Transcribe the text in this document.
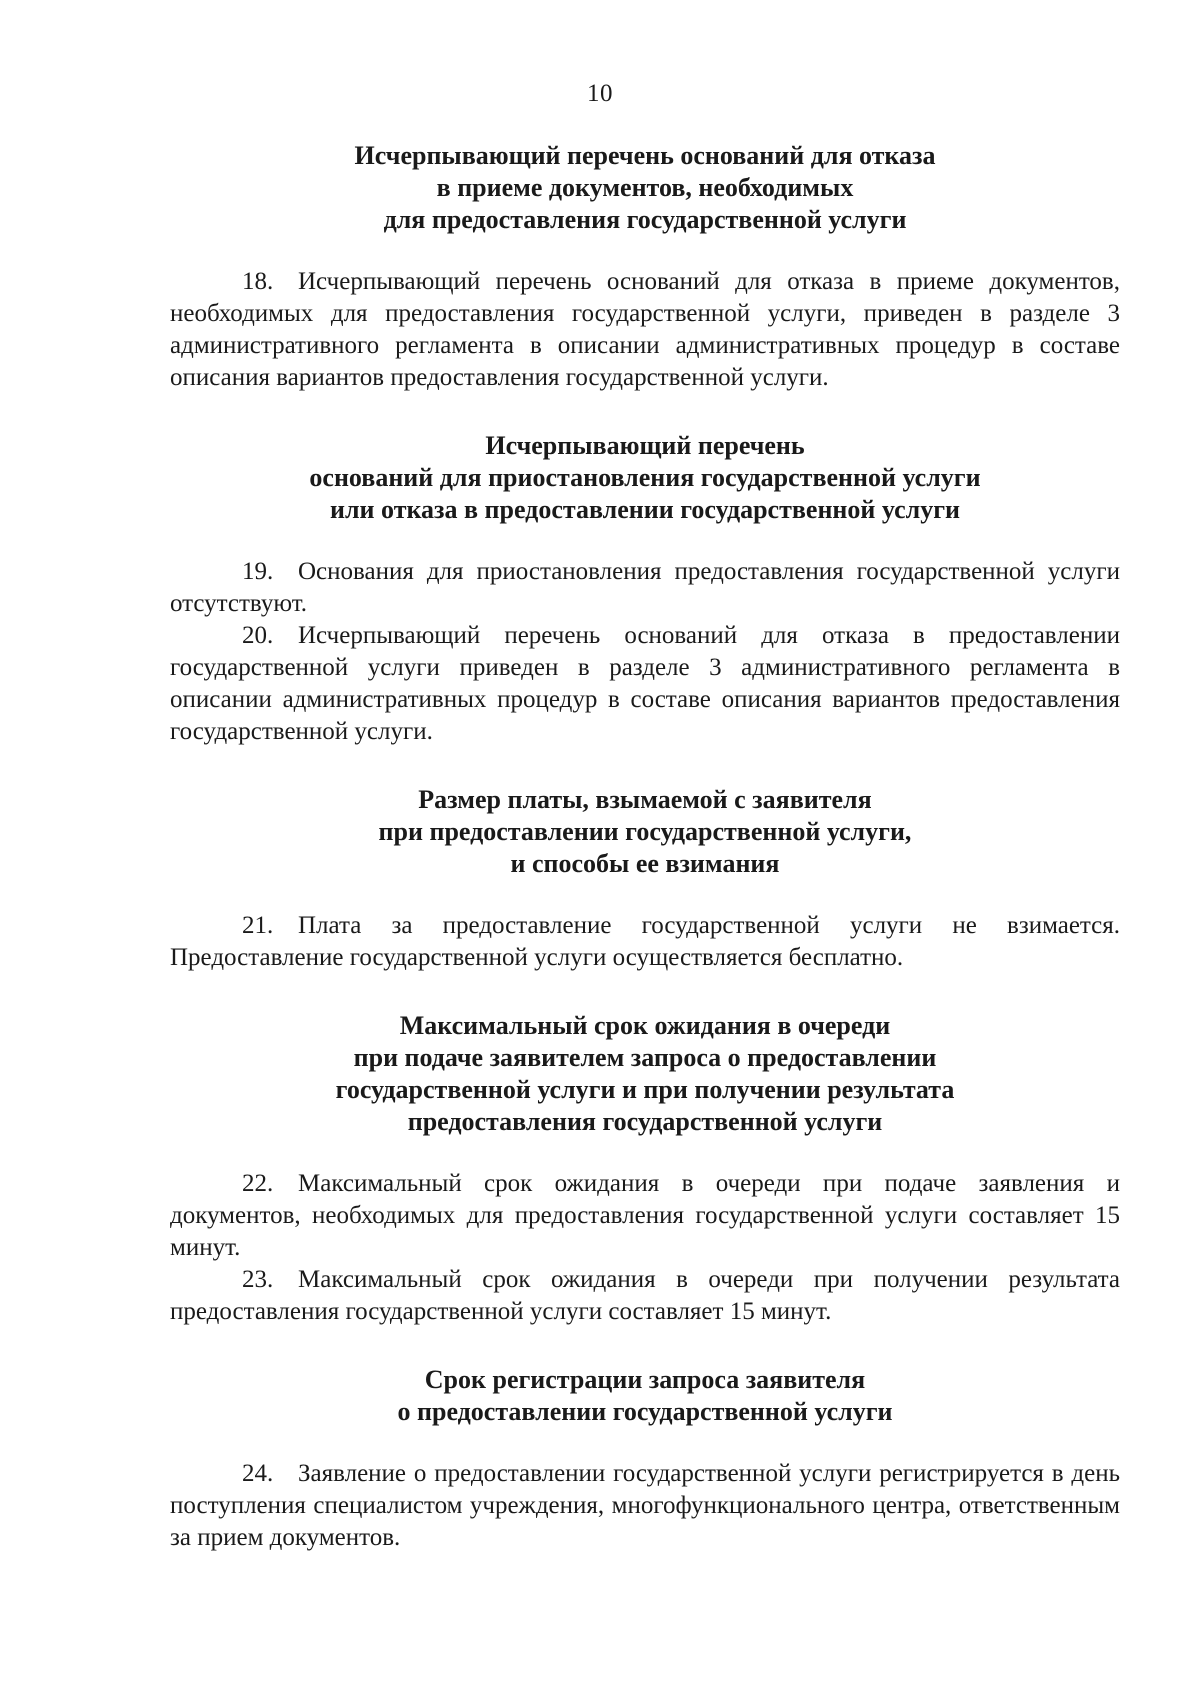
10
Исчерпывающий перечень оснований для отказа
в приеме документов, необходимых
для предоставления государственной услуги

18. Исчерпывающий перечень оснований для отказа в приеме документов, необходимых для предоставления государственной услуги, приведен в разделе 3 административного регламента в описании административных процедур в составе описания вариантов предоставления государственной услуги.

Исчерпывающий перечень
оснований для приостановления государственной услуги
или отказа в предоставлении государственной услуги

19. Основания для приостановления предоставления государственной услуги отсутствуют.

20. Исчерпывающий перечень оснований для отказа в предоставлении государственной услуги приведен в разделе 3 административного регламента в описании административных процедур в составе описания вариантов предоставления государственной услуги.

Размер платы, взымаемой с заявителя
при предоставлении государственной услуги,
и способы ее взимания

21. Плата за предоставление государственной услуги не взимается. Предоставление государственной услуги осуществляется бесплатно.

Максимальный срок ожидания в очереди
при подаче заявителем запроса о предоставлении
государственной услуги и при получении результата
предоставления государственной услуги

22. Максимальный срок ожидания в очереди при подаче заявления и документов, необходимых для предоставления государственной услуги составляет 15 минут.

23. Максимальный срок ожидания в очереди при получении результата предоставления государственной услуги составляет 15 минут.

Срок регистрации запроса заявителя
о предоставлении государственной услуги

24. Заявление о предоставлении государственной услуги регистрируется в день поступления специалистом учреждения, многофункционального центра, ответственным за прием документов.
